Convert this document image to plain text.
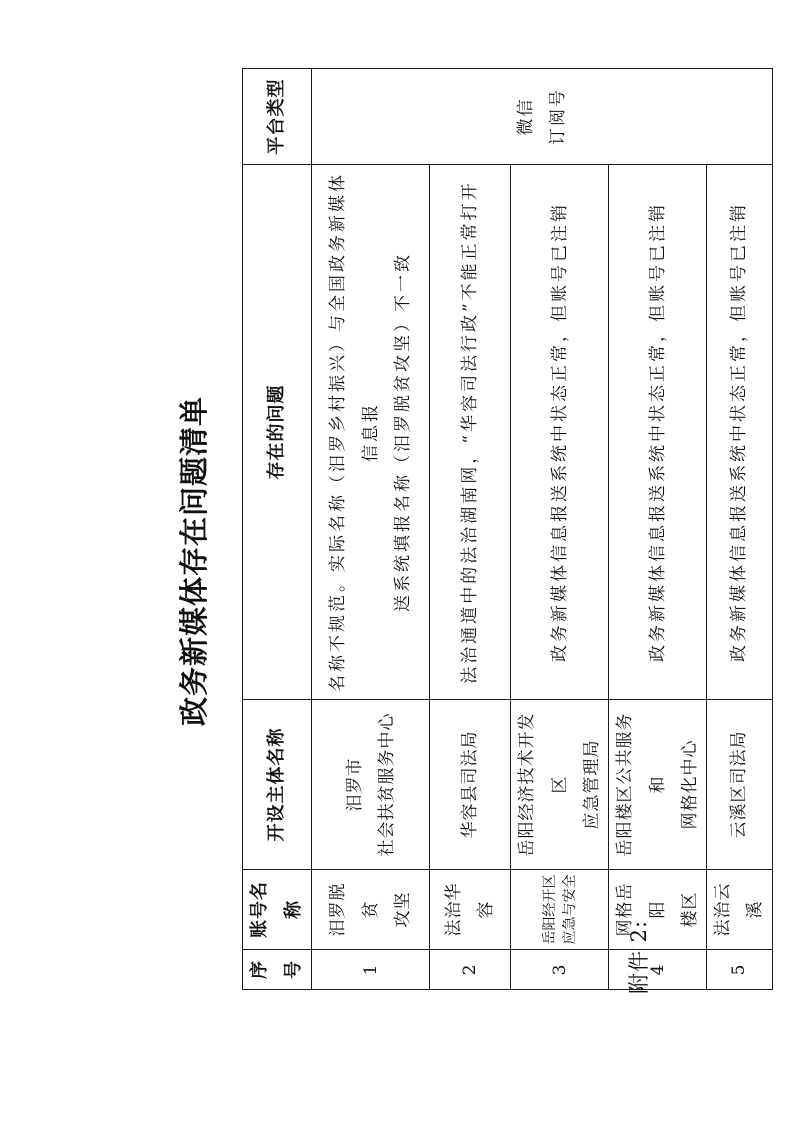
附件 2:
政务新媒体存在问题清单
序号	账号名称	开设主体名称	存在的问题	平台类型
1	汨罗脱贫 攻坚	汨罗市 社会扶贫服务中心	名称不规范。实际名称（汨罗乡村振兴）与全国政务新媒体信息报 送系统填报名称（汨罗脱贫攻坚）不一致	微信 订阅号

2	法治华容	华容县司法局	法治通道中的法治湖南网，“华容司法行政”不能正常打开	

3	岳阳经开区 应急与安全	岳阳经济技术开发区 应急管理局	政务新媒体信息报送系统中状态正常，但账号已注销	

4	网格岳阳 楼区	岳阳楼区公共服务和 网格化中心	政务新媒体信息报送系统中状态正常，但账号已注销	

5	法治云溪	云溪区司法局	政务新媒体信息报送系统中状态正常，但账号已注销	
